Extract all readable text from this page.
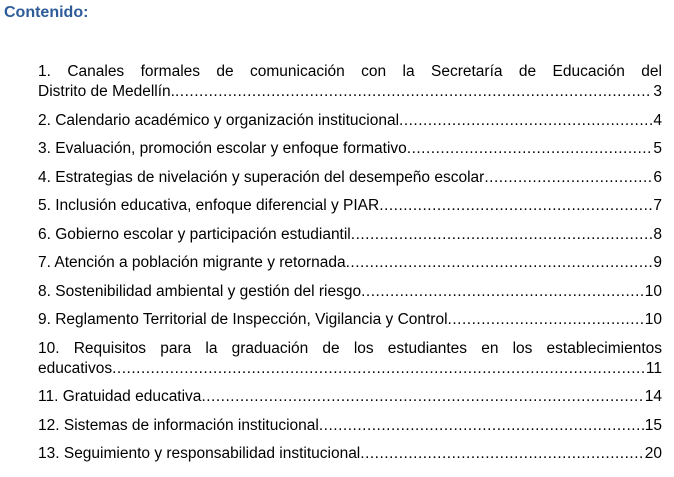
Contenido:
1. Canales formales de comunicación con la Secretaría de Educación del
Distrito de Medellín. .....	3
2. Calendario académico y organización institucional .....	4
3. Evaluación, promoción escolar y enfoque formativo .....	5
4. Estrategias de nivelación y superación del desempeño escolar .....	6
5. Inclusión educativa, enfoque diferencial y PIAR .....	7
6. Gobierno escolar y participación estudiantil .....	8
7. Atención a población migrante y retornada .....	9
8. Sostenibilidad ambiental y gestión del riesgo .....	10
9. Reglamento Territorial de Inspección, Vigilancia y Control .....	10
10. Requisitos para la graduación de los estudiantes en los establecimientos
educativos .....	11
11. Gratuidad educativa .....	14
12. Sistemas de información institucional .....	15
13. Seguimiento y responsabilidad institucional .....	20
